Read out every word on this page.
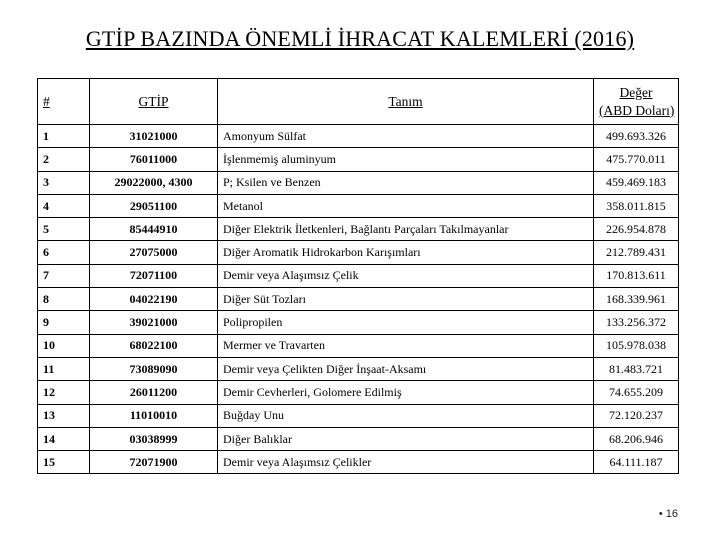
GTİP BAZINDA ÖNEMLİ İHRACAT KALEMLERİ (2016)
#	GTİP	Tanım	Değer
(ABD Doları)

1	31021000	Amonyum Sülfat	499.693.326
2	76011000	İşlenmemiş aluminyum	475.770.011
3	29022000, 4300	P; Ksilen ve Benzen	459.469.183
4	29051100	Metanol	358.011.815
5	85444910	Diğer Elektrik İletkenleri, Bağlantı Parçaları Takılmayanlar	226.954.878
6	27075000	Diğer Aromatik Hidrokarbon Karışımları	212.789.431
7	72071100	Demir veya Alaşımsız Çelik	170.813.611
8	04022190	Diğer Süt Tozları	168.339.961
9	39021000	Polipropilen	133.256.372
10	68022100	Mermer ve Travarten	105.978.038
11	73089090	Demir veya Çelikten Diğer İnşaat-Aksamı	81.483.721
12	26011200	Demir Cevherleri, Golomere Edilmiş	74.655.209
13	11010010	Buğday Unu	72.120.237
14	03038999	Diğer Balıklar	68.206.946
15	72071900	Demir veya Alaşımsız Çelikler	64.111.187
• 16
